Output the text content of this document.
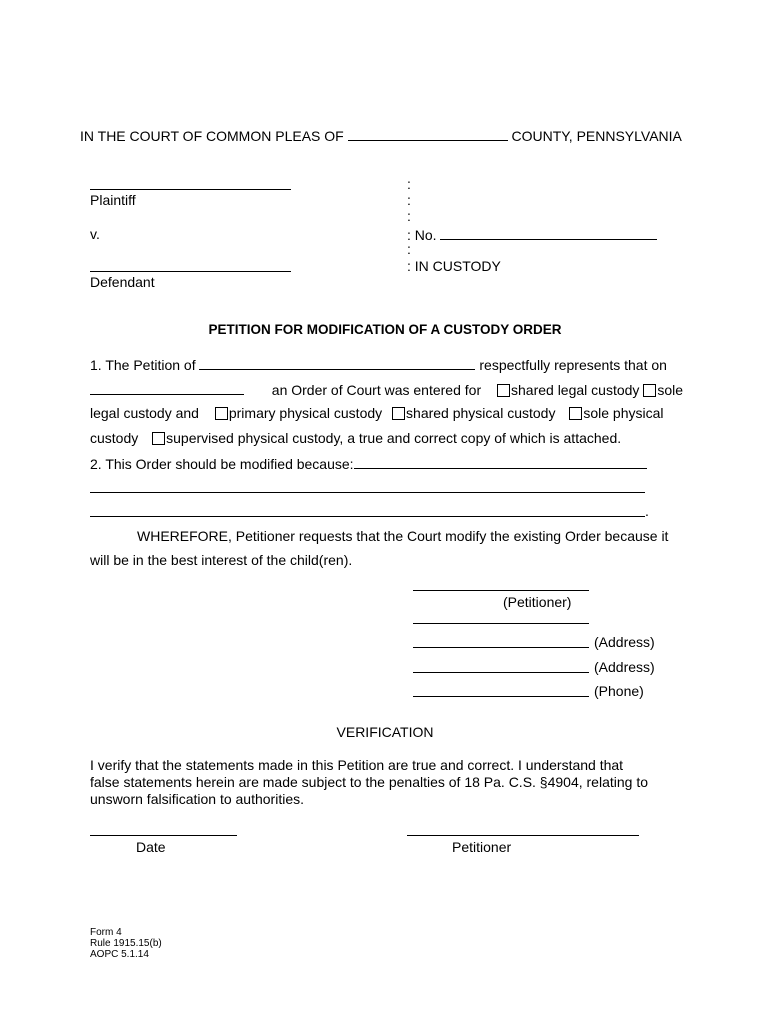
IN THE COURT OF COMMON PLEAS OF	COUNTY, PENNSYLVANIA
Plaintiff
v.
Defendant
:
:
:
: No.
:
: IN CUSTODY
PETITION FOR MODIFICATION OF A CUSTODY ORDER
1. The Petition of	respectfully represents that on
an Order of Court was entered for shared legal custody sole
legal custody and primary physical custody shared physical custody sole physical
custody supervised physical custody, a true and correct copy of which is attached.
2. This Order should be modified because:
.
WHEREFORE, Petitioner requests that the Court modify the existing Order because it
will be in the best interest of the child(ren).
(Petitioner)
(Address)
(Address)
(Phone)
VERIFICATION
I verify that the statements made in this Petition are true and correct. I understand that
false statements herein are made subject to the penalties of 18 Pa. C.S. §4904, relating to
unsworn falsification to authorities.
Date	Petitioner
Form 4
Rule 1915.15(b)
AOPC 5.1.14
